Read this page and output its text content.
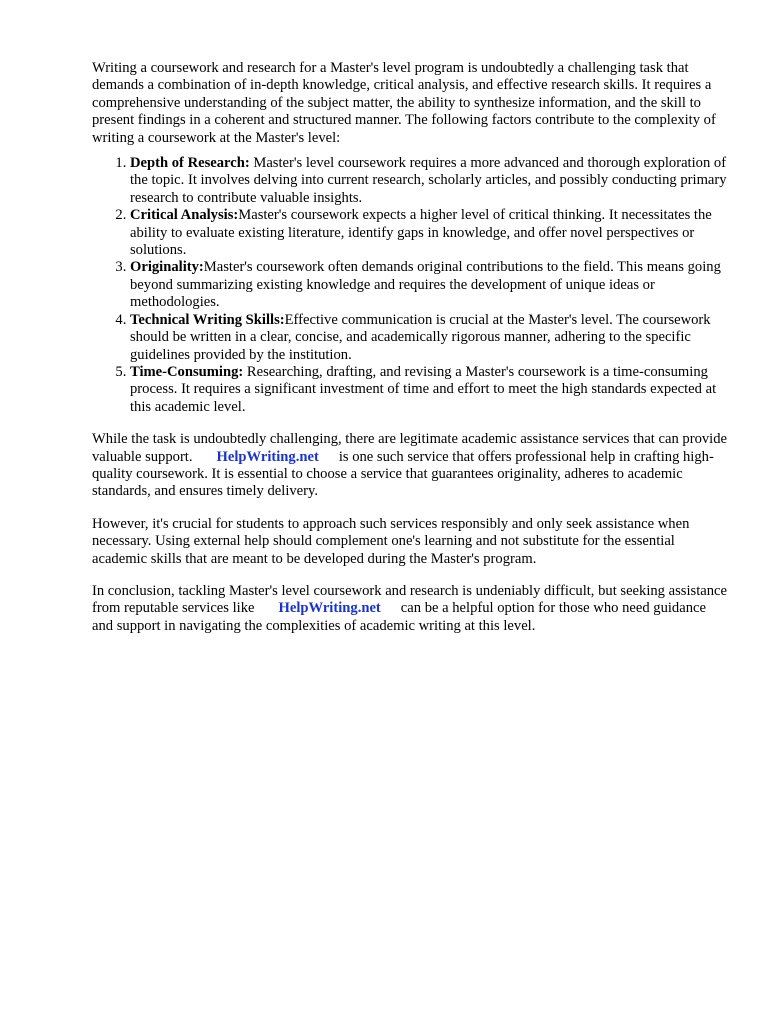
Writing a coursework and research for a Master's level program is undoubtedly a challenging task that demands a combination of in-depth knowledge, critical analysis, and effective research skills. It requires a comprehensive understanding of the subject matter, the ability to synthesize information, and the skill to present findings in a coherent and structured manner. The following factors contribute to the complexity of writing a coursework at the Master's level:

1. Depth of Research: Master's level coursework requires a more advanced and thorough exploration of the topic. It involves delving into current research, scholarly articles, and possibly conducting primary research to contribute valuable insights.
2. Critical Analysis:Master's coursework expects a higher level of critical thinking. It necessitates the ability to evaluate existing literature, identify gaps in knowledge, and offer novel perspectives or solutions.
3. Originality:Master's coursework often demands original contributions to the field. This means going beyond summarizing existing knowledge and requires the development of unique ideas or methodologies.
4. Technical Writing Skills:Effective communication is crucial at the Master's level. The coursework should be written in a clear, concise, and academically rigorous manner, adhering to the specific guidelines provided by the institution.
5. Time-Consuming: Researching, drafting, and revising a Master's coursework is a time-consuming process. It requires a significant investment of time and effort to meet the high standards expected at this academic level.

While the task is undoubtedly challenging, there are legitimate academic assistance services that can provide valuable support. HelpWriting.net is one such service that offers professional help in crafting high-quality coursework. It is essential to choose a service that guarantees originality, adheres to academic standards, and ensures timely delivery.

However, it's crucial for students to approach such services responsibly and only seek assistance when necessary. Using external help should complement one's learning and not substitute for the essential academic skills that are meant to be developed during the Master's program.

In conclusion, tackling Master's level coursework and research is undeniably difficult, but seeking assistance from reputable services like HelpWriting.net can be a helpful option for those who need guidance and support in navigating the complexities of academic writing at this level.
